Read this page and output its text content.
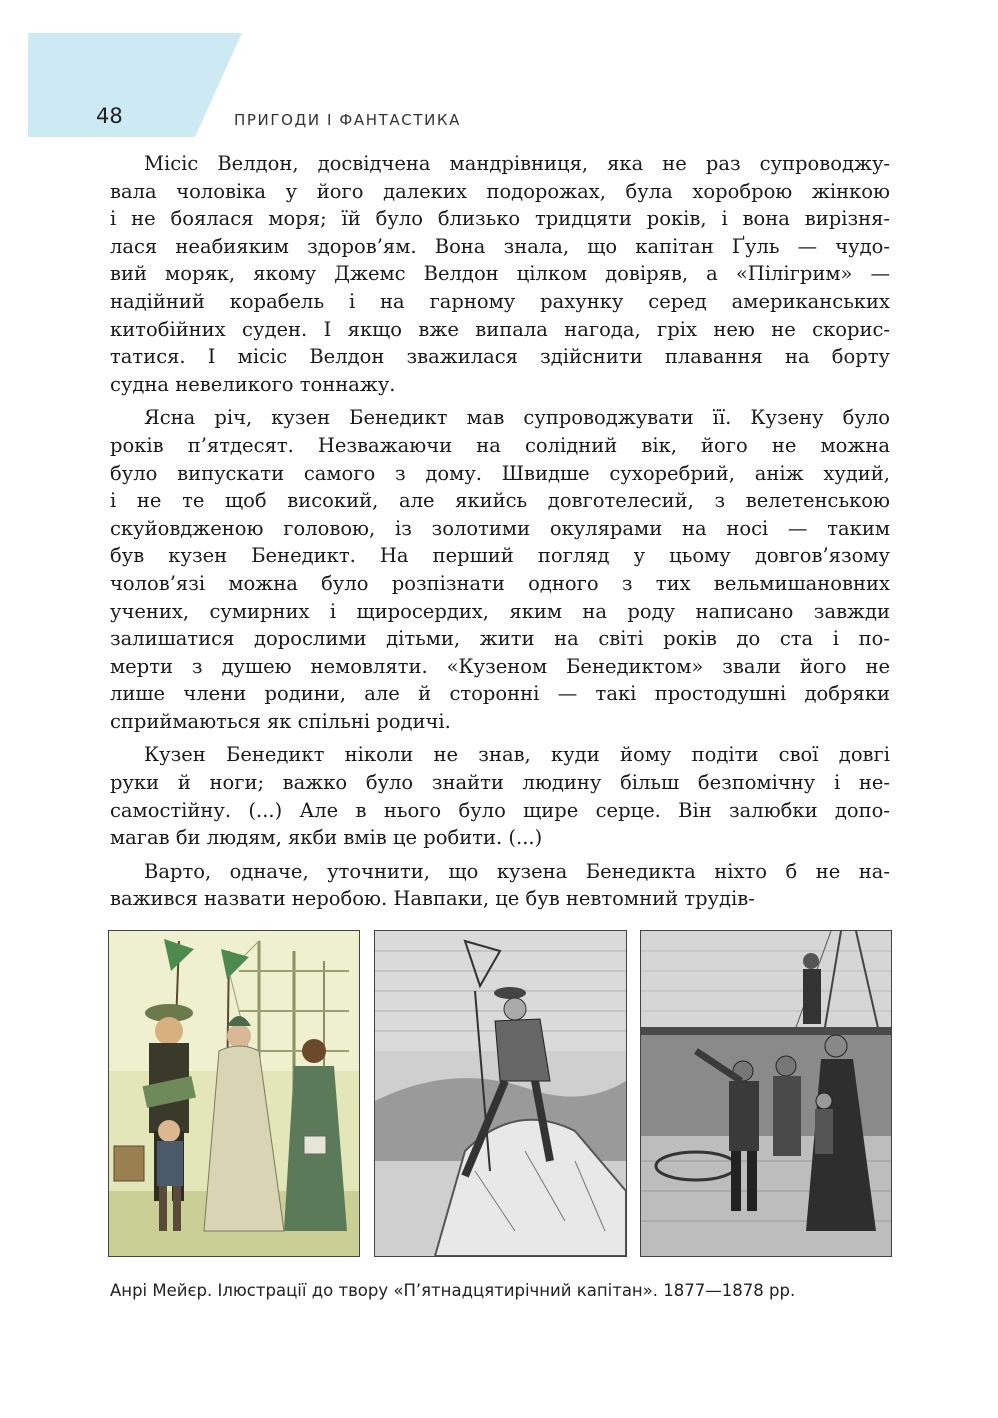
48	ПРИГОДИ І ФАНТАСТИКА

Місіс Велдон, досвідчена мандрівниця, яка не раз супроводжу-
вала чоловіка у його далеких подорожах, була хороброю жінкою
і не боялася моря; їй було близько тридцяти років, і вона вирізня-
лася неабияким здоров’ям. Вона знала, що капітан Ґуль — чудо-
вий моряк, якому Джемс Велдон цілком довіряв, а «Пілігрим» —
надійний корабель і на гарному рахунку серед американських
китобійних суден. І якщо вже випала нагода, гріх нею не скорис-
татися. І місіс Велдон зважилася здійснити плавання на борту
судна невеликого тоннажу.

Ясна річ, кузен Бенедикт мав супроводжувати її. Кузену було
років п’ятдесят. Незважаючи на солідний вік, його не можна
було випускати самого з дому. Швидше сухоребрий, аніж худий,
і не те щоб високий, але якийсь довготелесий, з велетенською
скуйовдженою головою, із золотими окулярами на носі — таким
був кузен Бенедикт. На перший погляд у цьому довгов’язому
чолов’язі можна було розпізнати одного з тих вельмишановних
учених, сумирних і щиросердих, яким на роду написано завжди
залишатися дорослими дітьми, жити на світі років до ста і по-
мерти з душею немовляти. «Кузеном Бенедиктом» звали його не
лише члени родини, але й сторонні — такі простодушні добряки
сприймаються як спільні родичі.

Кузен Бенедикт ніколи не знав, куди йому подіти свої довгі
руки й ноги; важко було знайти людину більш безпомічну і не-
самостійну. (...) Але в нього було щире серце. Він залюбки допо-
магав би людям, якби вмів це робити. (...)

Варто, одначе, уточнити, що кузена Бенедикта ніхто б не на-
важився назвати неробою. Навпаки, це був невтомний трудів-

Анрі Мейєр. Ілюстрації до твору «П’ятнадцятирічний капітан». 1877—1878 рр.
